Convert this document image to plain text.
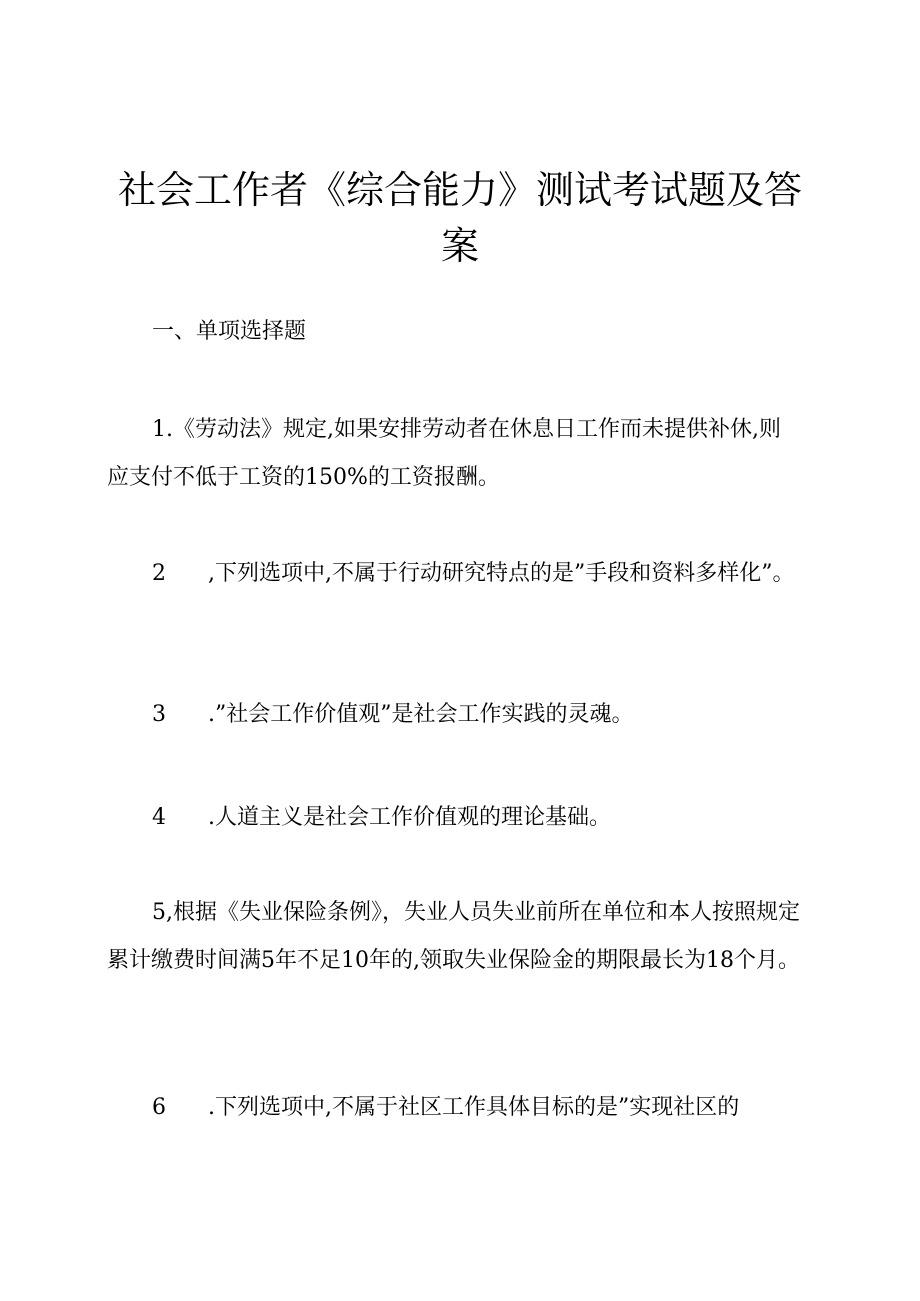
社会工作者《综合能力》测试考试题及答案
一、单项选择题

1.《劳动法》规定,如果安排劳动者在休息日工作而未提供补休,则应支付不低于工资的150%的工资报酬。

2 ,下列选项中,不属于行动研究特点的是”手段和资料多样化”。

3 .”社会工作价值观”是社会工作实践的灵魂。

4 .人道主义是社会工作价值观的理论基础。

5,根据《失业保险条例》，失业人员失业前所在单位和本人按照规定累计缴费时间满5年不足10年的,领取失业保险金的期限最长为18个月。

6 .下列选项中,不属于社区工作具体目标的是”实现社区的
